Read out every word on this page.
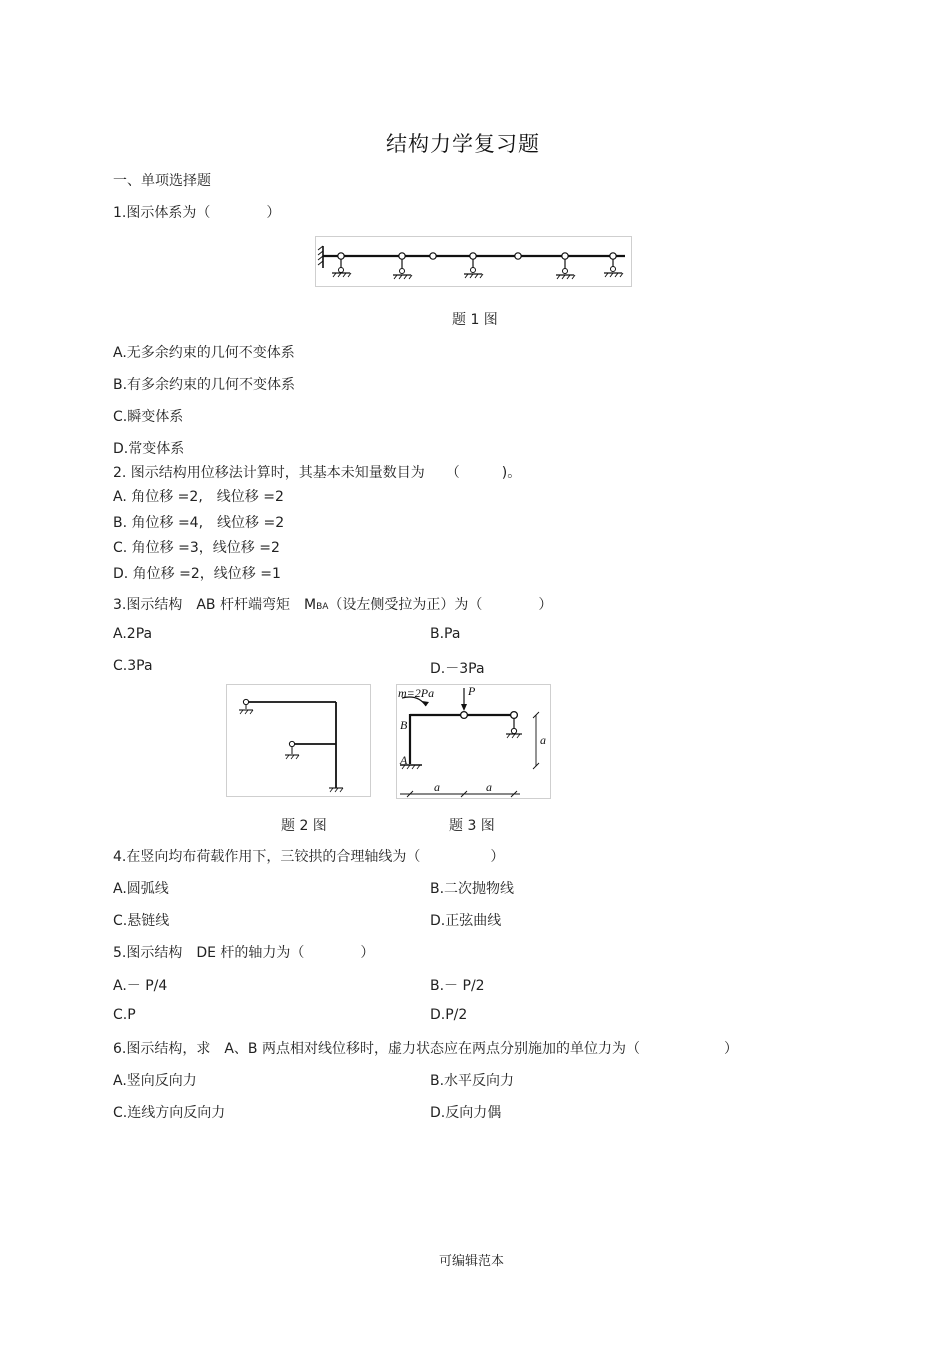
结构力学复习题
一、单项选择题
1.图示体系为（　　　　）
题 1 图
A.无多余约束的几何不变体系
B.有多余约束的几何不变体系
C.瞬变体系
D.常变体系
2. 图示结构用位移法计算时，其基本未知量数目为　　（　　　)。
A. 角位移 =2,　线位移 =2
B. 角位移 =4,　线位移 =2
C. 角位移 =3，线位移 =2
D. 角位移 =2，线位移 =1
3.图示结构　AB 杆杆端弯矩　MBA（设左侧受拉为正）为（　　　　）
A.2Pa	B.Pa
C.3Pa	D.－3Pa
m=2Pa	P
B
A
a
a	a
题 2 图	题 3 图
4.在竖向均布荷载作用下，三铰拱的合理轴线为（　　　　　）
A.圆弧线	B.二次抛物线
C.悬链线	D.正弦曲线
5.图示结构　DE 杆的轴力为（　　　　）
A.－ P/4	B.－ P/2
C.P	D.P/2
6.图示结构，求　A、B 两点相对线位移时，虚力状态应在两点分别施加的单位力为（　　　　　　）
A.竖向反向力	B.水平反向力
C.连线方向反向力	D.反向力偶
可编辑范本
